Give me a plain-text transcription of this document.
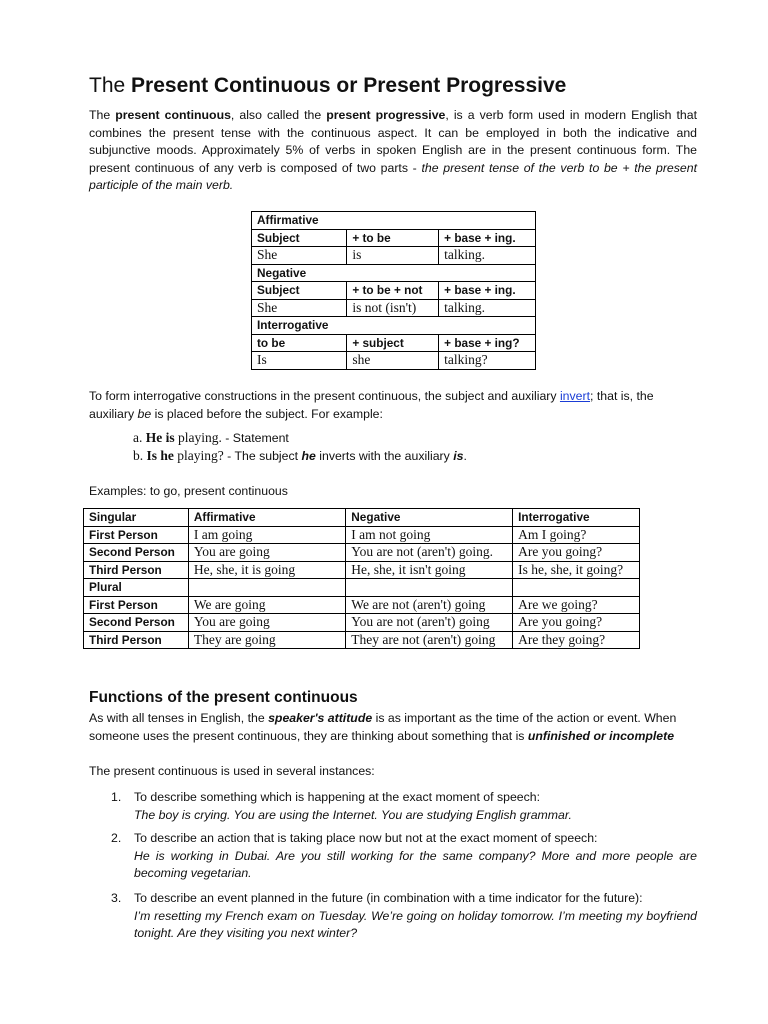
The Present Continuous or Present Progressive

The present continuous, also called the present progressive, is a verb form used in modern English that combines the present tense with the continuous aspect. It can be employed in both the indicative and subjunctive moods. Approximately 5% of verbs in spoken English are in the present continuous form. The present continuous of any verb is composed of two parts - the present tense of the verb to be + the present participle of the main verb.

Affirmative		
Subject	+ to be	+ base + ing.
She	is	talking.
Negative		
Subject	+ to be + not	+ base + ing.
She	is not (isn't)	talking.
Interrogative		
to be	+ subject	+ base + ing?
Is	she	talking?

To form interrogative constructions in the present continuous, the subject and auxiliary invert; that is, the
auxiliary be is placed before the subject. For example:

a. He is playing. - Statement
b. Is he playing? - The subject he inverts with the auxiliary is.
Examples: to go, present continuous
Singular	Affirmative	Negative	Interrogative
First Person	I am going	I am not going	Am I going?
Second Person	You are going	You are not (aren't) going.	Are you going?
Third Person	He, she, it is going	He, she, it isn't going	Is he, she, it going?
Plural			
First Person	We are going	We are not (aren't) going	Are we going?
Second Person	You are going	You are not (aren't) going	Are you going?
Third Person	They are going	They are not (aren't) going	Are they going?
Functions of the present continuous

As with all tenses in English, the speaker's attitude is as important as the time of the action or event. When someone uses the present continuous, they are thinking about something that is unfinished or incomplete

The present continuous is used in several instances:
1. To describe something which is happening at the exact moment of speech:
The boy is crying. You are using the Internet. You are studying English grammar.
2. To describe an action that is taking place now but not at the exact moment of speech:
He is working in Dubai. Are you still working for the same company? More and more people are becoming vegetarian.
3. To describe an event planned in the future (in combination with a time indicator for the future):
I’m resetting my French exam on Tuesday. We’re going on holiday tomorrow. I’m meeting my boyfriend tonight. Are they visiting you next winter?
